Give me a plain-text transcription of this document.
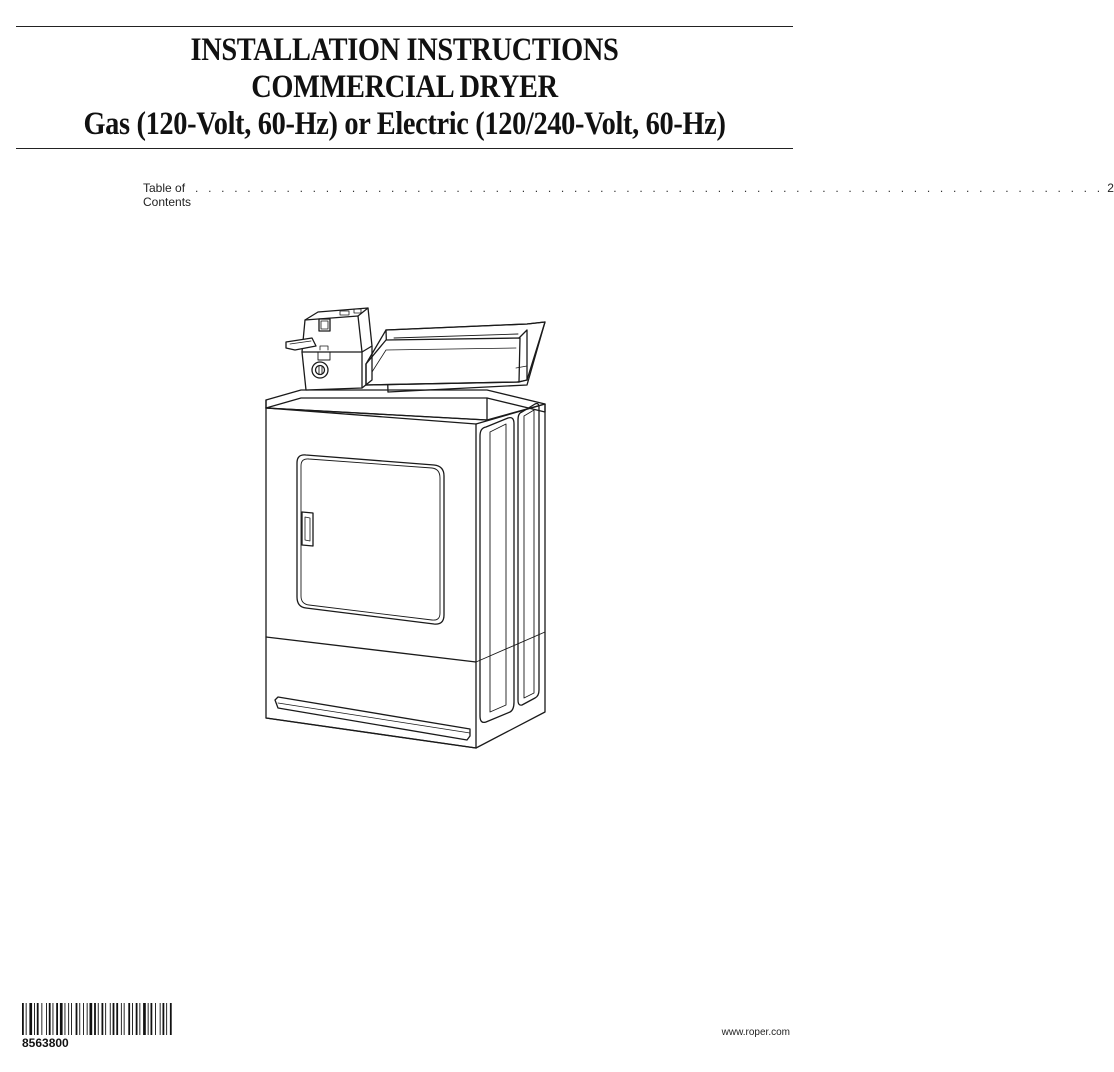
INSTALLATION INSTRUCTIONS
COMMERCIAL DRYER
Gas (120-Volt, 60-Hz) or Electric (120/240-Volt, 60-Hz)
Table of Contents
. . . . . . . . . . . . . . . . . . . . . . . . . . . . . . . . . . . . . . . . . . . . . . . . . . . . . . . . . . . . . . . . . . . . . . 2
8563800
www.roper.com
